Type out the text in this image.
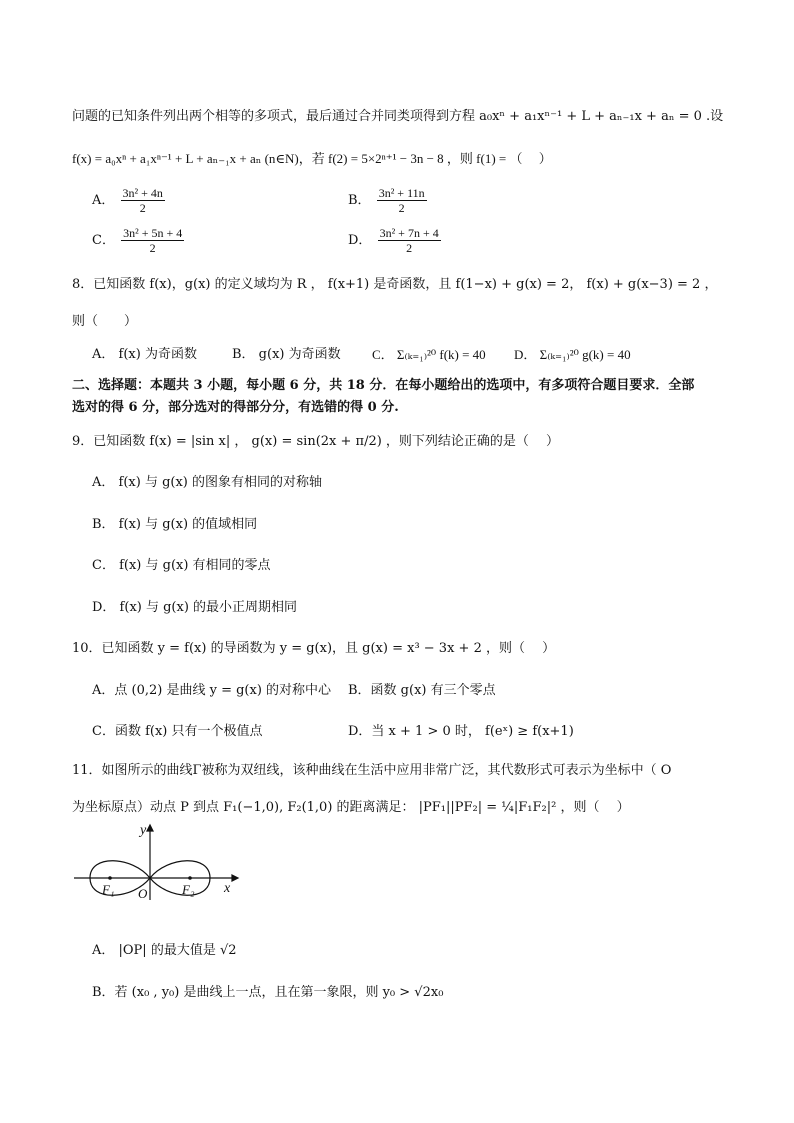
问题的已知条件列出两个相等的多项式，最后通过合并同类项得到方程 a₀xⁿ + a₁xⁿ⁻¹ + L + aₙ₋₁x + aₙ = 0 .设
f(x) = a₀xⁿ + a₁xⁿ⁻¹ + L + aₙ₋₁x + aₙ (n∈N)，若 f(2) = 5×2ⁿ⁺¹ − 3n − 8 ，则 f(1) = （　 ）
A． $\frac{\text{3n² + 4n}}{2}$	B． $\frac{\text{3n² + 11n}}{2}$
C． $\frac{\text{3n² + 5n + 4}}{2}$	D． $\frac{\text{3n² + 7n + 4}}{2}$
8．已知函数 f(x)，g(x) 的定义域均为 R ， f(x+1) 是奇函数，且 f(1−x) + g(x) = 2， f(x) + g(x−3) = 2 ，
则（　　）
A． f(x) 为奇函数	B． g(x) 为奇函数 C． Σ₍ₖ₌₁₎²⁰ f(k) = 40 D． Σ₍ₖ₌₁₎²⁰ g(k) = 40
二、选择题：本题共 3 小题，每小题 6 分，共 18 分．在每小题给出的选项中，有多项符合题目要求．全部
选对的得 6 分，部分选对的得部分分，有选错的得 0 分.
9．已知函数 f(x) = |sin x| ， g(x) = sin(2x + π/2) ，则下列结论正确的是（　 ）
A． f(x) 与 g(x) 的图象有相同的对称轴
B． f(x) 与 g(x) 的值域相同
C． f(x) 与 g(x) 有相同的零点
D． f(x) 与 g(x) 的最小正周期相同
10．已知函数 y = f(x) 的导函数为 y = g(x)，且 g(x) = x³ − 3x + 2 ，则（　 ）
A．点 (0,2) 是曲线 y = g(x) 的对称中心 B．函数 g(x) 有三个零点
C．函数 f(x) 只有一个极值点	D．当 x + 1 > 0 时， f(eˣ) ≥ f(x+1)
11．如图所示的曲线Γ被称为双纽线，该种曲线在生活中应用非常广泛，其代数形式可表示为坐标中（ O
为坐标原点）动点 P 到点 F₁(−1,0), F₂(1,0) 的距离满足： |PF₁||PF₂| = ¼|F₁F₂|² ，则（　 ）
y
x
O
F₁	F₂
A． |OP| 的最大值是 √2
B．若 (x₀ , y₀) 是曲线上一点，且在第一象限，则 y₀ > √2x₀
